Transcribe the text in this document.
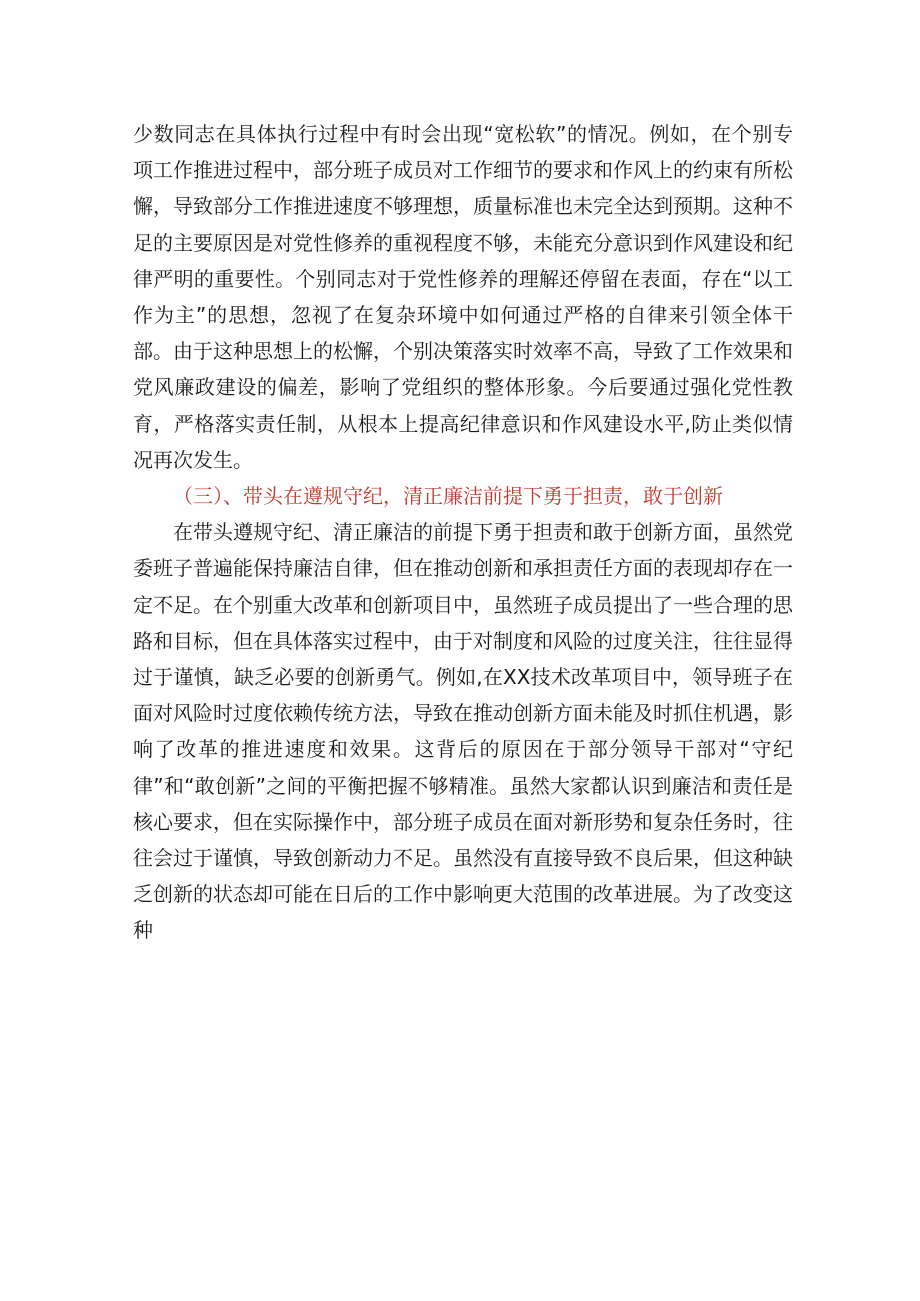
少数同志在具体执行过程中有时会出现“宽松软”的情况。例如，在个别专项工作推进过程中，部分班子成员对工作细节的要求和作风上的约束有所松懈，导致部分工作推进速度不够理想，质量标准也未完全达到预期。这种不足的主要原因是对党性修养的重视程度不够，未能充分意识到作风建设和纪律严明的重要性。个别同志对于党性修养的理解还停留在表面，存在“以工作为主”的思想，忽视了在复杂环境中如何通过严格的自律来引领全体干部。由于这种思想上的松懈，个别决策落实时效率不高，导致了工作效果和党风廉政建设的偏差，影响了党组织的整体形象。今后要通过强化党性教育，严格落实责任制，从根本上提高纪律意识和作风建设水平,防止类似情况再次发生。

（三）、带头在遵规守纪，清正廉洁前提下勇于担责，敢于创新

在带头遵规守纪、清正廉洁的前提下勇于担责和敢于创新方面，虽然党委班子普遍能保持廉洁自律，但在推动创新和承担责任方面的表现却存在一定不足。在个别重大改革和创新项目中，虽然班子成员提出了一些合理的思路和目标，但在具体落实过程中，由于对制度和风险的过度关注，往往显得过于谨慎，缺乏必要的创新勇气。例如,在XX技术改革项目中，领导班子在面对风险时过度依赖传统方法，导致在推动创新方面未能及时抓住机遇，影响了改革的推进速度和效果。这背后的原因在于部分领导干部对“守纪律”和“敢创新”之间的平衡把握不够精准。虽然大家都认识到廉洁和责任是核心要求，但在实际操作中，部分班子成员在面对新形势和复杂任务时，往往会过于谨慎，导致创新动力不足。虽然没有直接导致不良后果，但这种缺乏创新的状态却可能在日后的工作中影响更大范围的改革进展。为了改变这种
